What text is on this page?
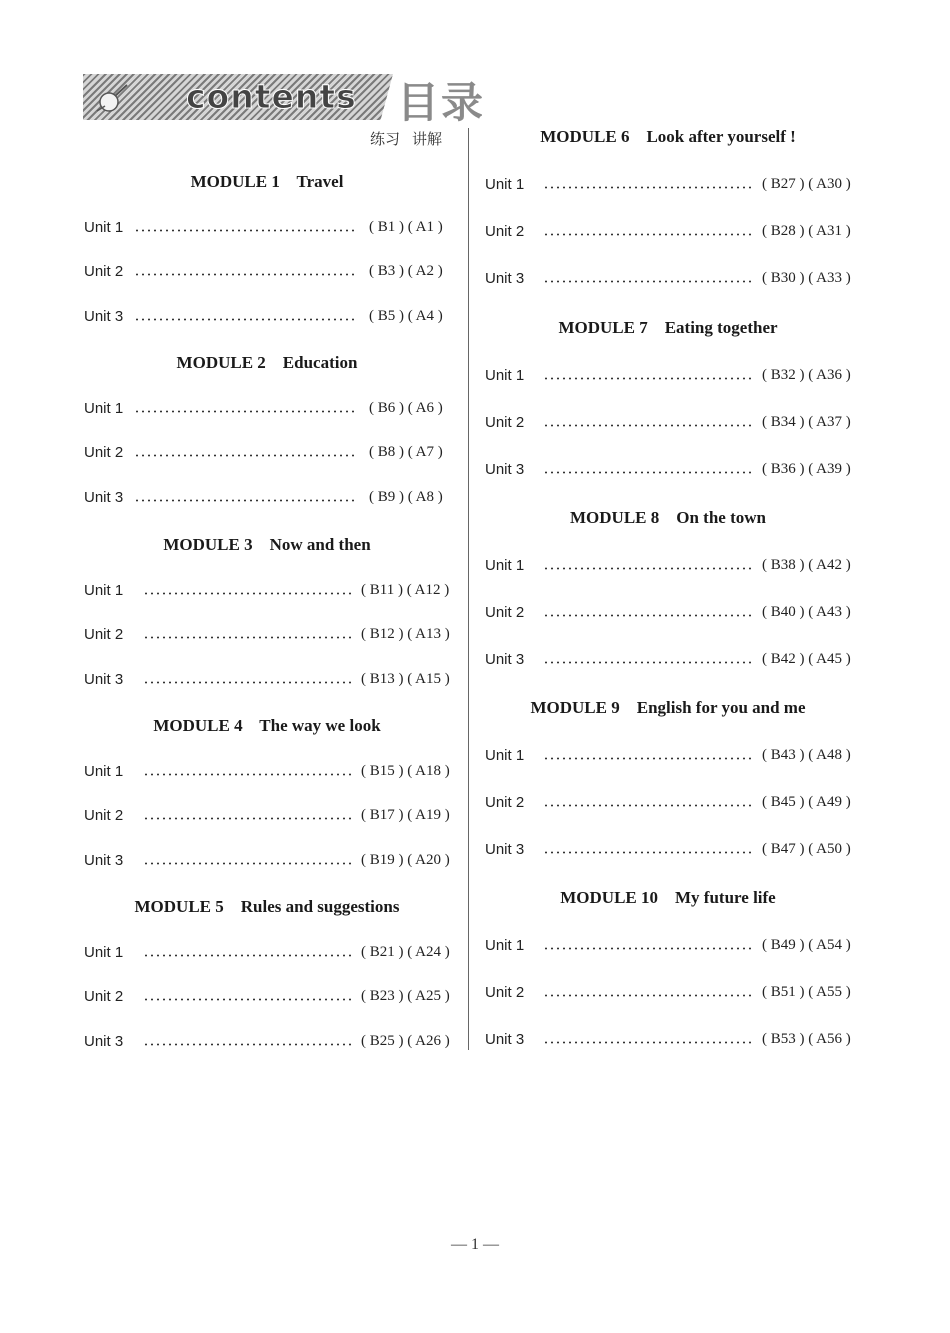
contents 目录
练习 讲解
MODULE 1    Travel
Unit 1	( B1 ) ( A1 )
Unit 2	( B3 ) ( A2 )
Unit 3	( B5 ) ( A4 )
MODULE 2    Education
Unit 1	( B6 ) ( A6 )
Unit 2	( B8 ) ( A7 )
Unit 3	( B9 ) ( A8 )
MODULE 3    Now and then
Unit 1	( B11 ) ( A12 )
Unit 2	( B12 ) ( A13 )
Unit 3	( B13 ) ( A15 )
MODULE 4    The way we look
Unit 1	( B15 ) ( A18 )
Unit 2	( B17 ) ( A19 )
Unit 3	( B19 ) ( A20 )
MODULE 5    Rules and suggestions
Unit 1	( B21 ) ( A24 )
Unit 2	( B23 ) ( A25 )
Unit 3	( B25 ) ( A26 )
MODULE 6    Look after yourself !
Unit 1	( B27 ) ( A30 )
Unit 2	( B28 ) ( A31 )
Unit 3	( B30 ) ( A33 )
MODULE 7    Eating together
Unit 1	( B32 ) ( A36 )
Unit 2	( B34 ) ( A37 )
Unit 3	( B36 ) ( A39 )
MODULE 8    On the town
Unit 1	( B38 ) ( A42 )
Unit 2	( B40 ) ( A43 )
Unit 3	( B42 ) ( A45 )
MODULE 9    English for you and me
Unit 1	( B43 ) ( A48 )
Unit 2	( B45 ) ( A49 )
Unit 3	( B47 ) ( A50 )
MODULE 10    My future life
Unit 1	( B49 ) ( A54 )
Unit 2	( B51 ) ( A55 )
Unit 3	( B53 ) ( A56 )
— 1 —
